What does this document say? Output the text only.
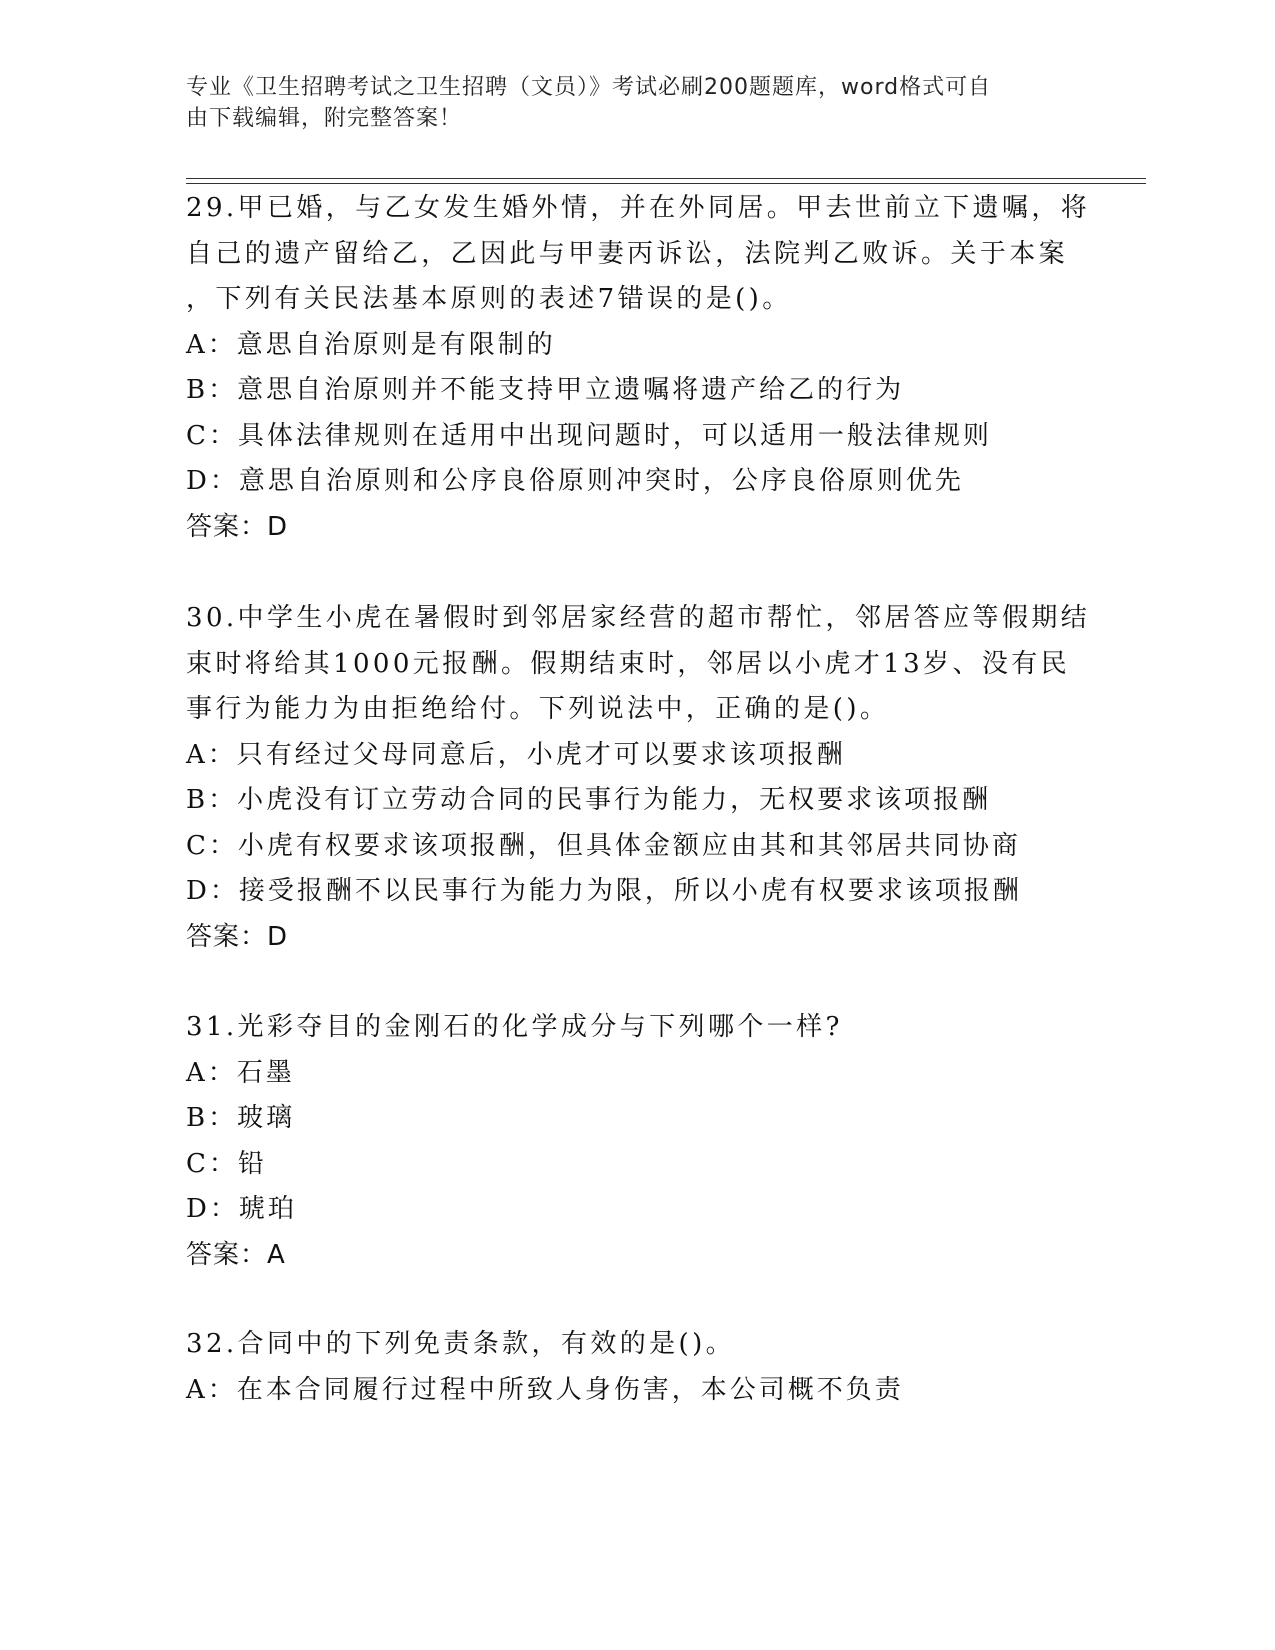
专业《卫生招聘考试之卫生招聘（文员）》考试必刷200题题库，word格式可自
由下载编辑，附完整答案！
29.甲已婚，与乙女发生婚外情，并在外同居。甲去世前立下遗嘱，将
自己的遗产留给乙，乙因此与甲妻丙诉讼，法院判乙败诉。关于本案
，下列有关民法基本原则的表述7错误的是()。
A：意思自治原则是有限制的
B：意思自治原则并不能支持甲立遗嘱将遗产给乙的行为
C：具体法律规则在适用中出现问题时，可以适用一般法律规则
D：意思自治原则和公序良俗原则冲突时，公序良俗原则优先
答案：D
30.中学生小虎在暑假时到邻居家经营的超市帮忙，邻居答应等假期结
束时将给其1000元报酬。假期结束时，邻居以小虎才13岁、没有民
事行为能力为由拒绝给付。下列说法中，正确的是()。
A：只有经过父母同意后，小虎才可以要求该项报酬
B：小虎没有订立劳动合同的民事行为能力，无权要求该项报酬
C：小虎有权要求该项报酬，但具体金额应由其和其邻居共同协商
D：接受报酬不以民事行为能力为限，所以小虎有权要求该项报酬
答案：D
31.光彩夺目的金刚石的化学成分与下列哪个一样?
A：石墨
B：玻璃
C：铅
D：琥珀
答案：A
32.合同中的下列免责条款，有效的是()。
A：在本合同履行过程中所致人身伤害，本公司概不负责
